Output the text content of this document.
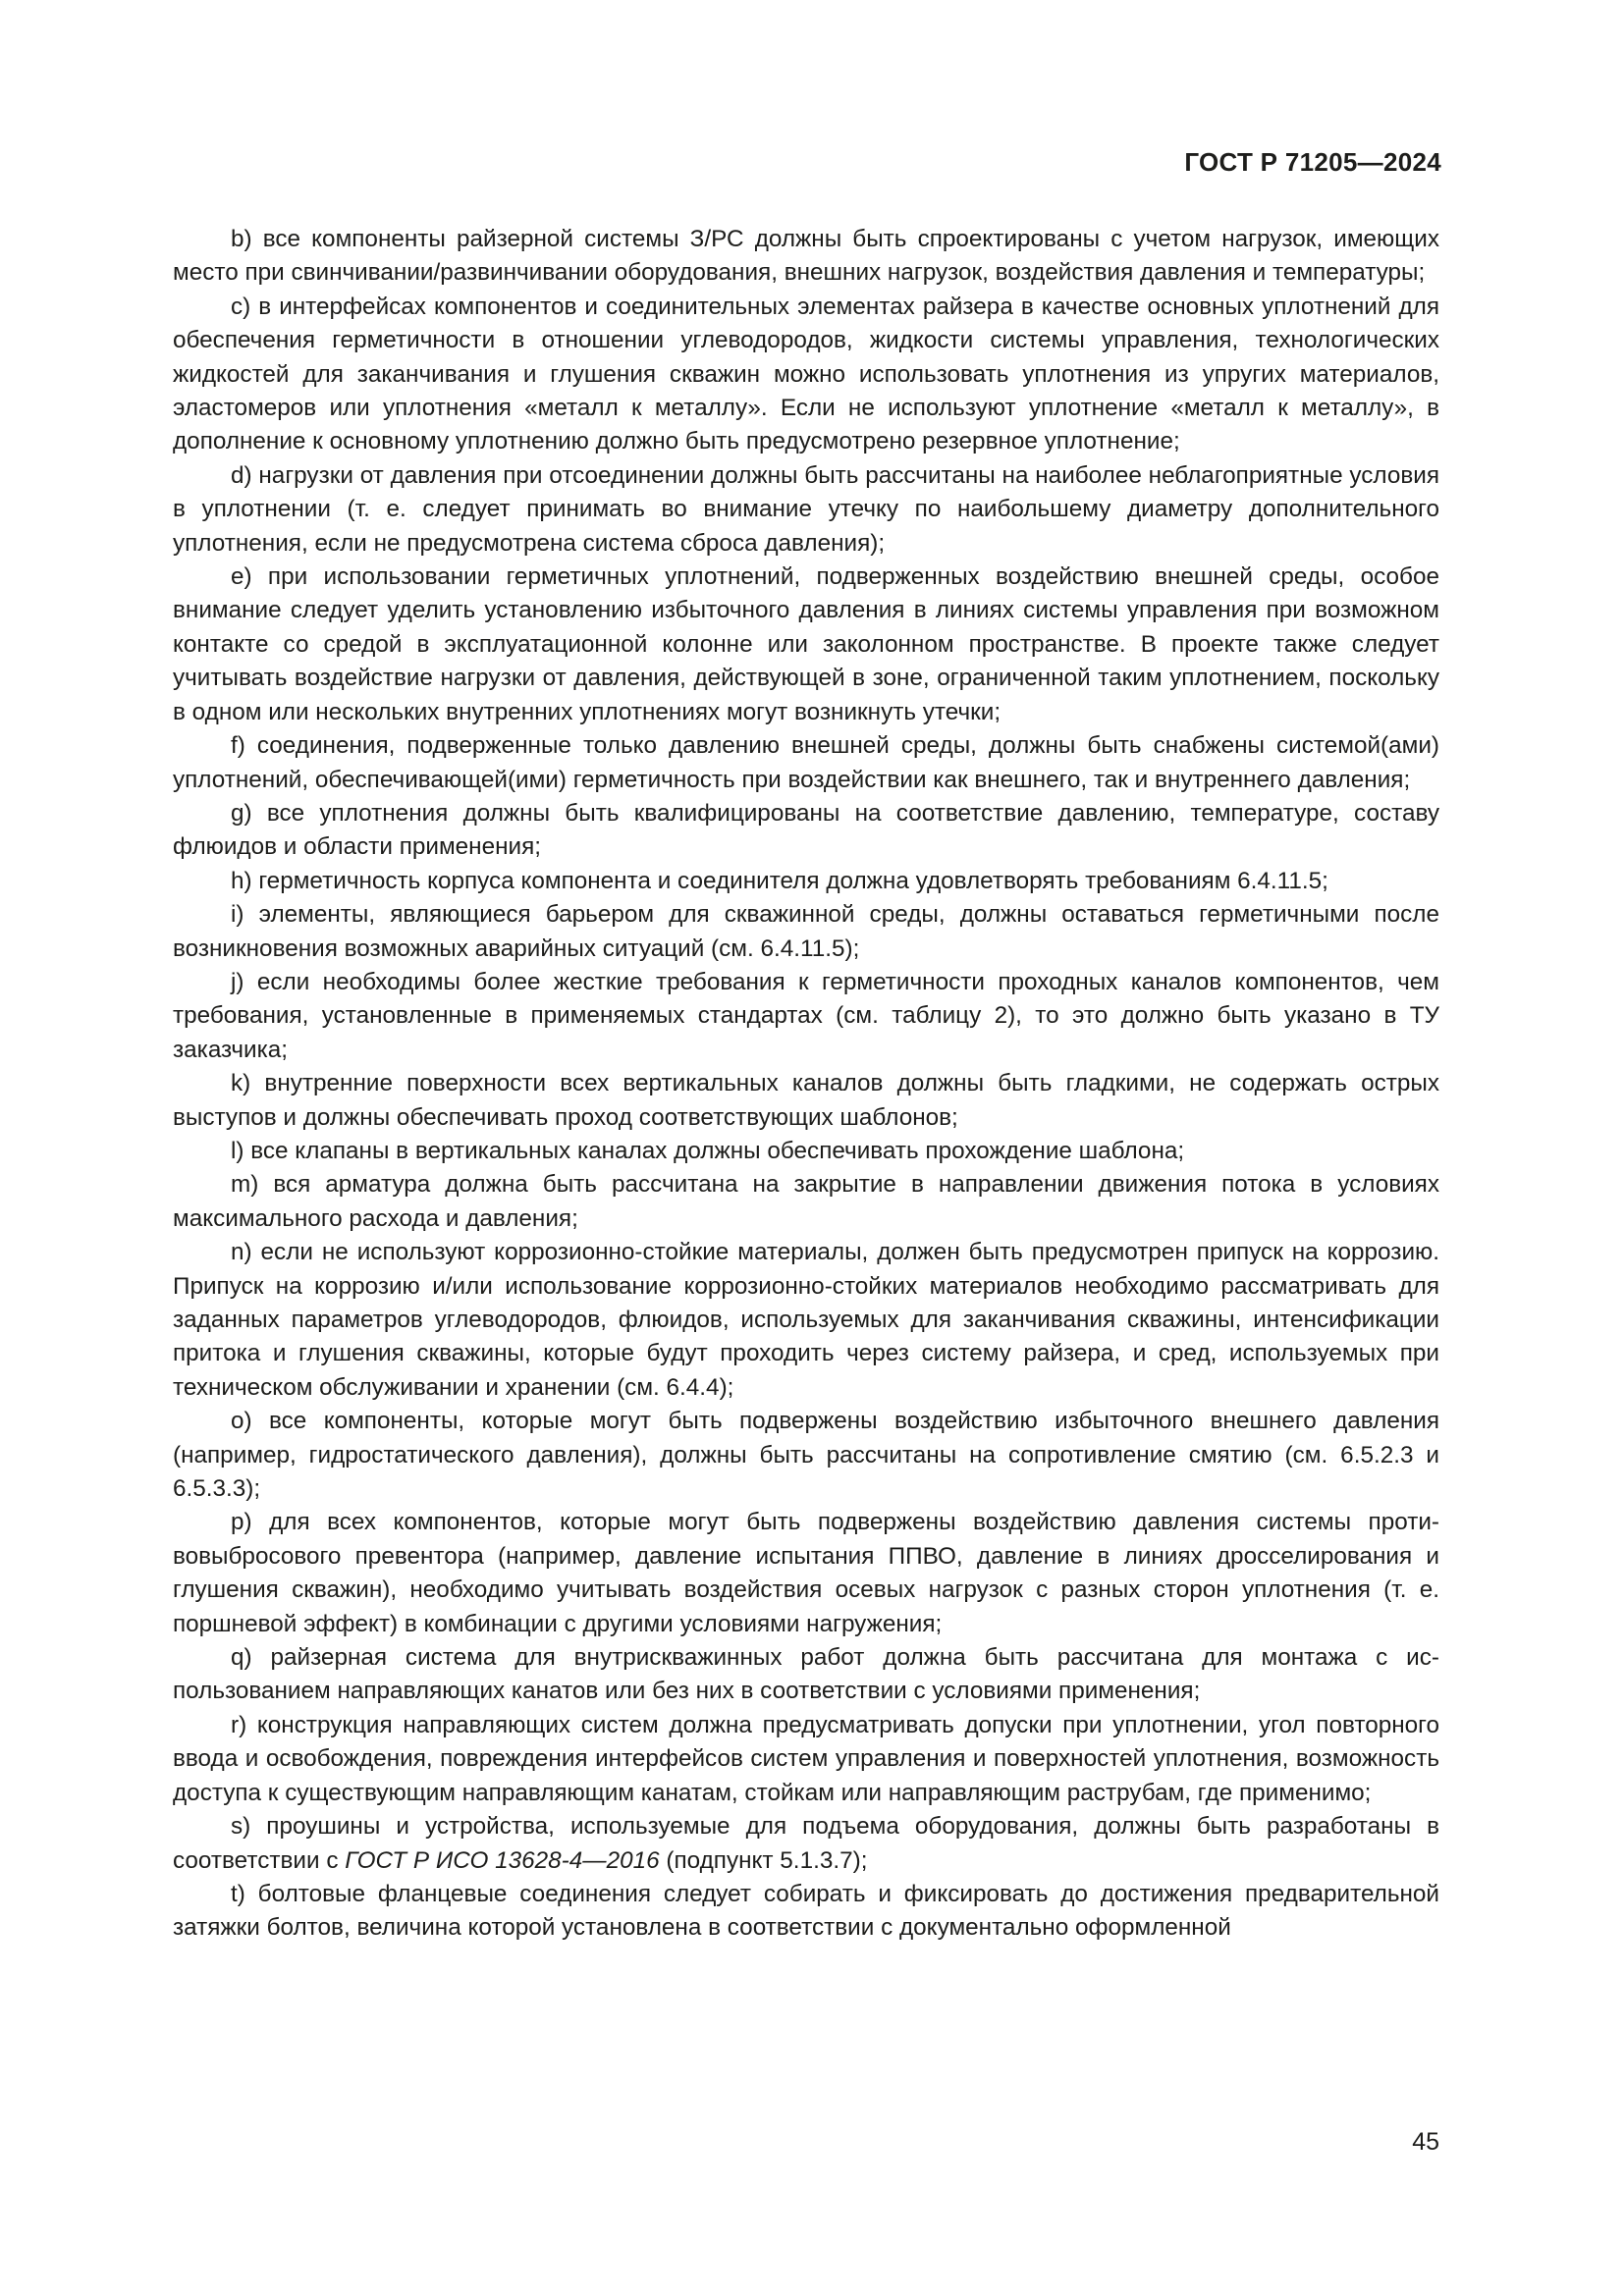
ГОСТ Р 71205—2024

b) все компоненты райзерной системы З/РС должны быть спроектированы с учетом нагрузок, имеющих место при свинчивании/развинчивании оборудования, внешних нагрузок, воздействия давления и температуры;

c) в интерфейсах компонентов и соединительных элементах райзера в качестве основных уплотнений для обеспечения герметичности в отношении углеводородов, жидкости системы управления, технологических жидкостей для заканчивания и глушения скважин можно использовать уплотнения из упругих материалов, эластомеров или уплотнения «металл к металлу». Если не используют уплотнение «металл к металлу», в дополнение к основному уплотнению должно быть предусмотрено резервное уплотнение;

d) нагрузки от давления при отсоединении должны быть рассчитаны на наиболее неблагоприятные условия в уплотнении (т. е. следует принимать во внимание утечку по наибольшему диаметру дополнительного уплотнения, если не предусмотрена система сброса давления);

e) при использовании герметичных уплотнений, подверженных воздействию внешней среды, особое внимание следует уделить установлению избыточного давления в линиях системы управления при возможном контакте со средой в эксплуатационной колонне или заколонном пространстве. В проекте также следует учитывать воздействие нагрузки от давления, действующей в зоне, ограниченной таким уплотнением, поскольку в одном или нескольких внутренних уплотнениях могут возникнуть утечки;

f) соединения, подверженные только давлению внешней среды, должны быть снабжены системой(ами) уплотнений, обеспечивающей(ими) герметичность при воздействии как внешнего, так и внутреннего давления;

g) все уплотнения должны быть квалифицированы на соответствие давлению, температуре, составу флюидов и области применения;

h) герметичность корпуса компонента и соединителя должна удовлетворять требованиям 6.4.11.5;

i) элементы, являющиеся барьером для скважинной среды, должны оставаться герметичными после возникновения возможных аварийных ситуаций (см. 6.4.11.5);

j) если необходимы более жесткие требования к герметичности проходных каналов компонентов, чем требования, установленные в применяемых стандартах (см. таблицу 2), то это должно быть указано в ТУ заказчика;

k) внутренние поверхности всех вертикальных каналов должны быть гладкими, не содержать острых выступов и должны обеспечивать проход соответствующих шаблонов;

l) все клапаны в вертикальных каналах должны обеспечивать прохождение шаблона;

m) вся арматура должна быть рассчитана на закрытие в направлении движения потока в условиях максимального расхода и давления;

n) если не используют коррозионно-стойкие материалы, должен быть предусмотрен припуск на коррозию. Припуск на коррозию и/или использование коррозионно-стойких материалов необходимо рассматривать для заданных параметров углеводородов, флюидов, используемых для заканчивания скважины, интенсификации притока и глушения скважины, которые будут проходить через систему райзера, и сред, используемых при техническом обслуживании и хранении (см. 6.4.4);

o) все компоненты, которые могут быть подвержены воздействию избыточного внешнего давления (например, гидростатического давления), должны быть рассчитаны на сопротивление смятию (см. 6.5.2.3 и 6.5.3.3);

p) для всех компонентов, которые могут быть подвержены воздействию давления системы противовыбросового превентора (например, давление испытания ППВО, давление в линиях дросселирования и глушения скважин), необходимо учитывать воздействия осевых нагрузок с разных сторон уплотнения (т. е. поршневой эффект) в комбинации с другими условиями нагружения;

q) райзерная система для внутрискважинных работ должна быть рассчитана для монтажа с использованием направляющих канатов или без них в соответствии с условиями применения;

r) конструкция направляющих систем должна предусматривать допуски при уплотнении, угол повторного ввода и освобождения, повреждения интерфейсов систем управления и поверхностей уплотнения, возможность доступа к существующим направляющим канатам, стойкам или направляющим раструбам, где применимо;

s) проушины и устройства, используемые для подъема оборудования, должны быть разработаны в соответствии с ГОСТ Р ИСО 13628-4—2016 (подпункт 5.1.3.7);

t) болтовые фланцевые соединения следует собирать и фиксировать до достижения предварительной затяжки болтов, величина которой установлена в соответствии с документально оформленной

45
